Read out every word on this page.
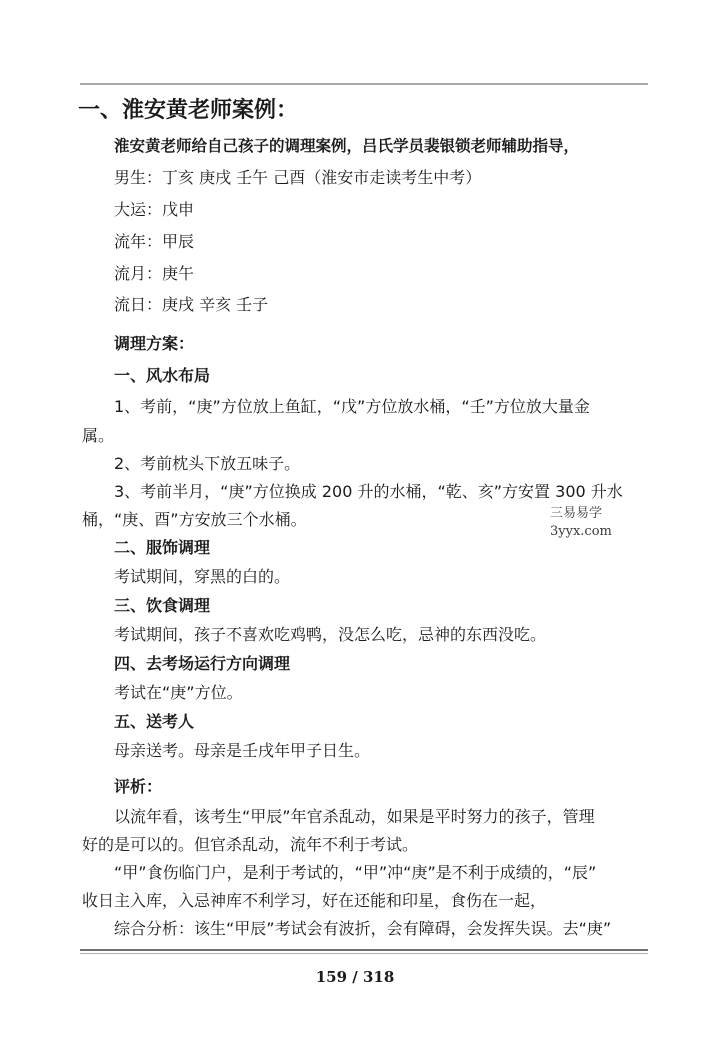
一、淮安黄老师案例：
淮安黄老师给自己孩子的调理案例，吕氏学员裴银锁老师辅助指导，
男生：丁亥 庚戌 壬午 己酉（淮安市走读考生中考）
大运：戊申
流年：甲辰
流月：庚午
流日：庚戌 辛亥 壬子
调理方案：
一、风水布局
1、考前，“庚”方位放上鱼缸，“戊”方位放水桶，“壬”方位放大量金
属。
2、考前枕头下放五味子。
3、考前半月，“庚”方位换成 200 升的水桶，“乾、亥”方安置 300 升水
桶，“庚、酉”方安放三个水桶。	三易易学
3yyx.com
二、服饰调理
考试期间，穿黑的白的。
三、饮食调理
考试期间，孩子不喜欢吃鸡鸭，没怎么吃，忌神的东西没吃。
四、去考场运行方向调理
考试在“庚”方位。
五、送考人
母亲送考。母亲是壬戌年甲子日生。
评析：
以流年看，该考生“甲辰”年官杀乱动，如果是平时努力的孩子，管理
好的是可以的。但官杀乱动，流年不利于考试。
“甲”食伤临门户，是利于考试的，“甲”冲“庚”是不利于成绩的，“辰”
收日主入库，入忌神库不利学习，好在还能和印星，食伤在一起，
综合分析：该生“甲辰”考试会有波折，会有障碍，会发挥失误。去“庚”
159 / 318
